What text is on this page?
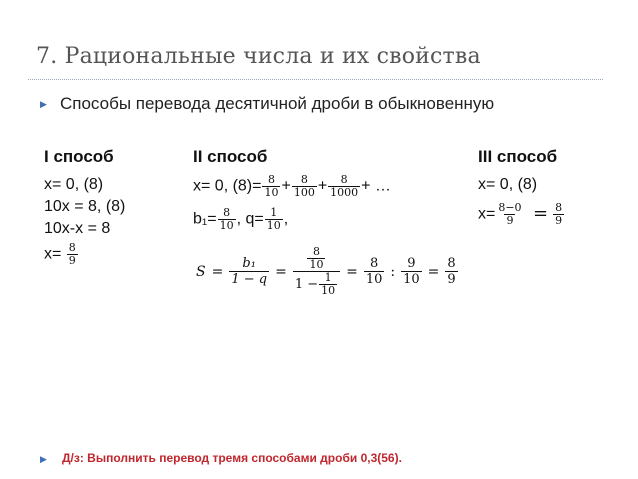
7. Рациональные числа и их свойства
▶ Способы перевода десятичной дроби в обыкновенную
I способ
x= 0, (8)
10x = 8, (8)
10x-x = 8
$x= \frac{8}{9}$
II способ
x= 0, $(8)= \frac{8}{10} + \frac{8}{100} + \frac{8}{1000}$ + …
$b_1= \frac{8}{10}$ , $q= \frac{1}{10}$ ,
$S = \frac{\text{b₁}}{1 - q} = \frac{\frac{8}{10}}{1 - \frac{1}{10}} = \frac{8}{10}$ : $\frac{9}{10} = \frac{8}{9}$
III способ
x= 0, (8)
$x= \frac{8-0}{9} = \frac{8}{9}$
▶ Д/з: Выполнить перевод тремя способами дроби 0,3(56).
